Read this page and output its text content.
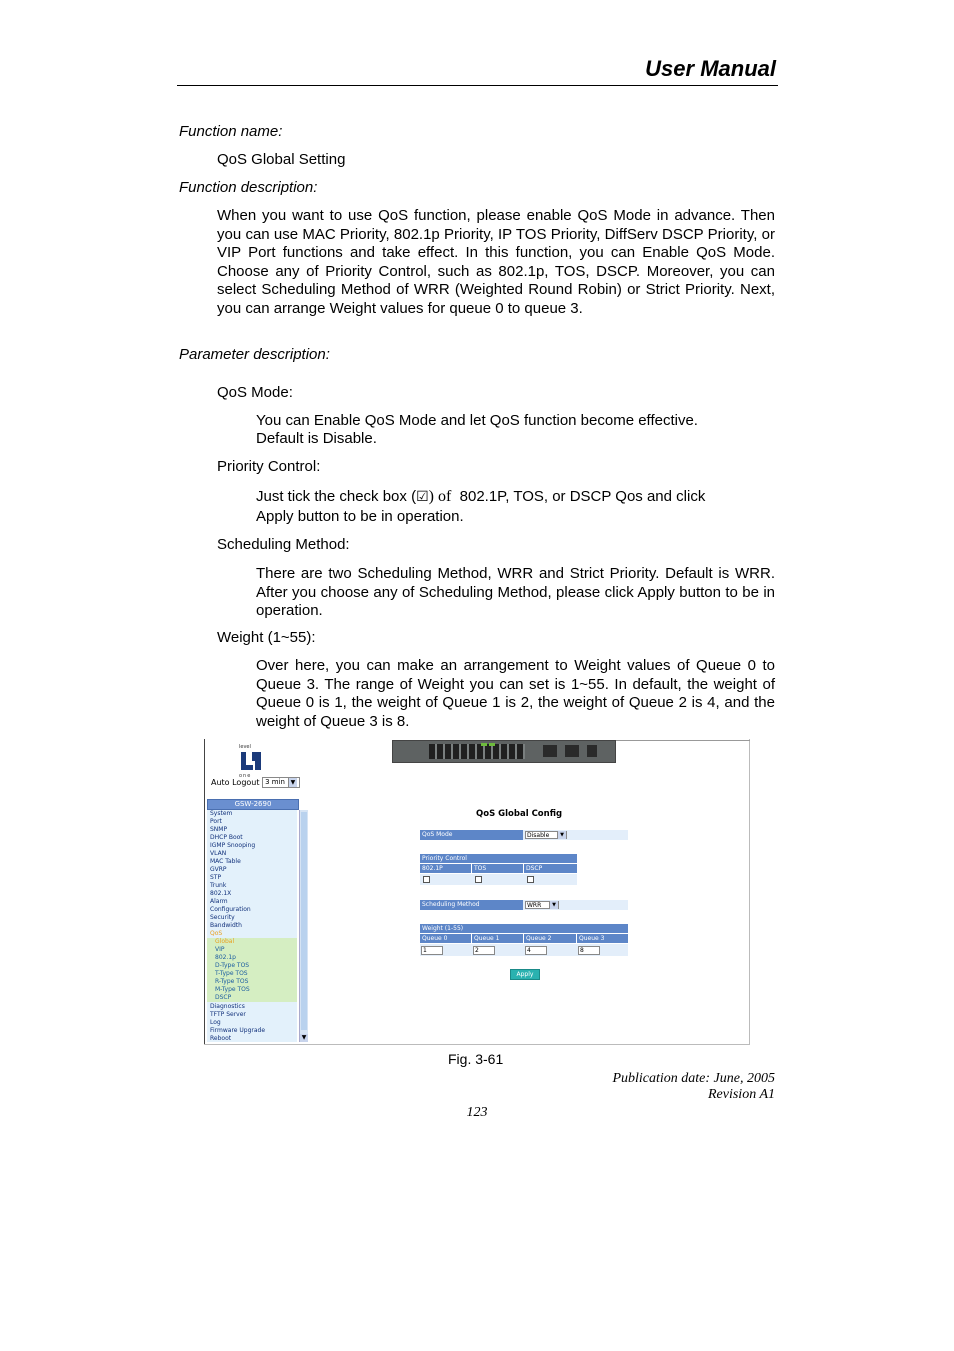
User Manual
Function name:
QoS Global Setting
Function description:
When you want to use QoS function, please enable QoS Mode in advance. Then you can use MAC Priority, 802.1p Priority, IP TOS Priority, DiffServ DSCP Priority, or VIP Port functions and take effect. In this function, you can Enable QoS Mode. Choose any of Priority Control, such as 802.1p, TOS, DSCP. Moreover, you can select Scheduling Method of WRR (Weighted Round Robin) or Strict Priority. Next, you can arrange Weight values for queue 0 to queue 3.
Parameter description:
QoS Mode:
You can Enable QoS Mode and let QoS function become effective.
Default is Disable.
Priority Control:
Just tick the check box (☑) of 802.1P, TOS, or DSCP Qos and click
Apply button to be in operation.
Scheduling Method:
There are two Scheduling Method, WRR and Strict Priority. Default is WRR. After you choose any of Scheduling Method, please click Apply button to be in operation.
Weight (1~55):
Over here, you can make an arrangement to Weight values of Queue 0 to Queue 3. The range of Weight you can set is 1~55. In default, the weight of Queue 0 is 1, the weight of Queue 1 is 2, the weight of Queue 2 is 4, and the weight of Queue 3 is 8.
level
one
Auto Logout 3 min ▼
GSW-2690
▼
System
Port
SNMP
DHCP Boot
IGMP Snooping
VLAN
MAC Table
GVRP
STP
Trunk
802.1X
Alarm
Configuration
Security
Bandwidth
QoS
Global
VIP
802.1p
D-Type TOS
T-Type TOS
R-Type TOS
M-Type TOS
DSCP
Diagnostics
TFTP Server
Log
Firmware Upgrade
Reboot
QoS Global Config
QoS Mode	Disable	▼
Priority Control
802.1P	TOS	DSCP
Scheduling Method	WRR	▼
Weight (1-55)
Queue 0	Queue 1	Queue 2	Queue 3
1	2	4	8
Apply
Fig. 3-61
Publication date: June, 2005
Revision A1
123
